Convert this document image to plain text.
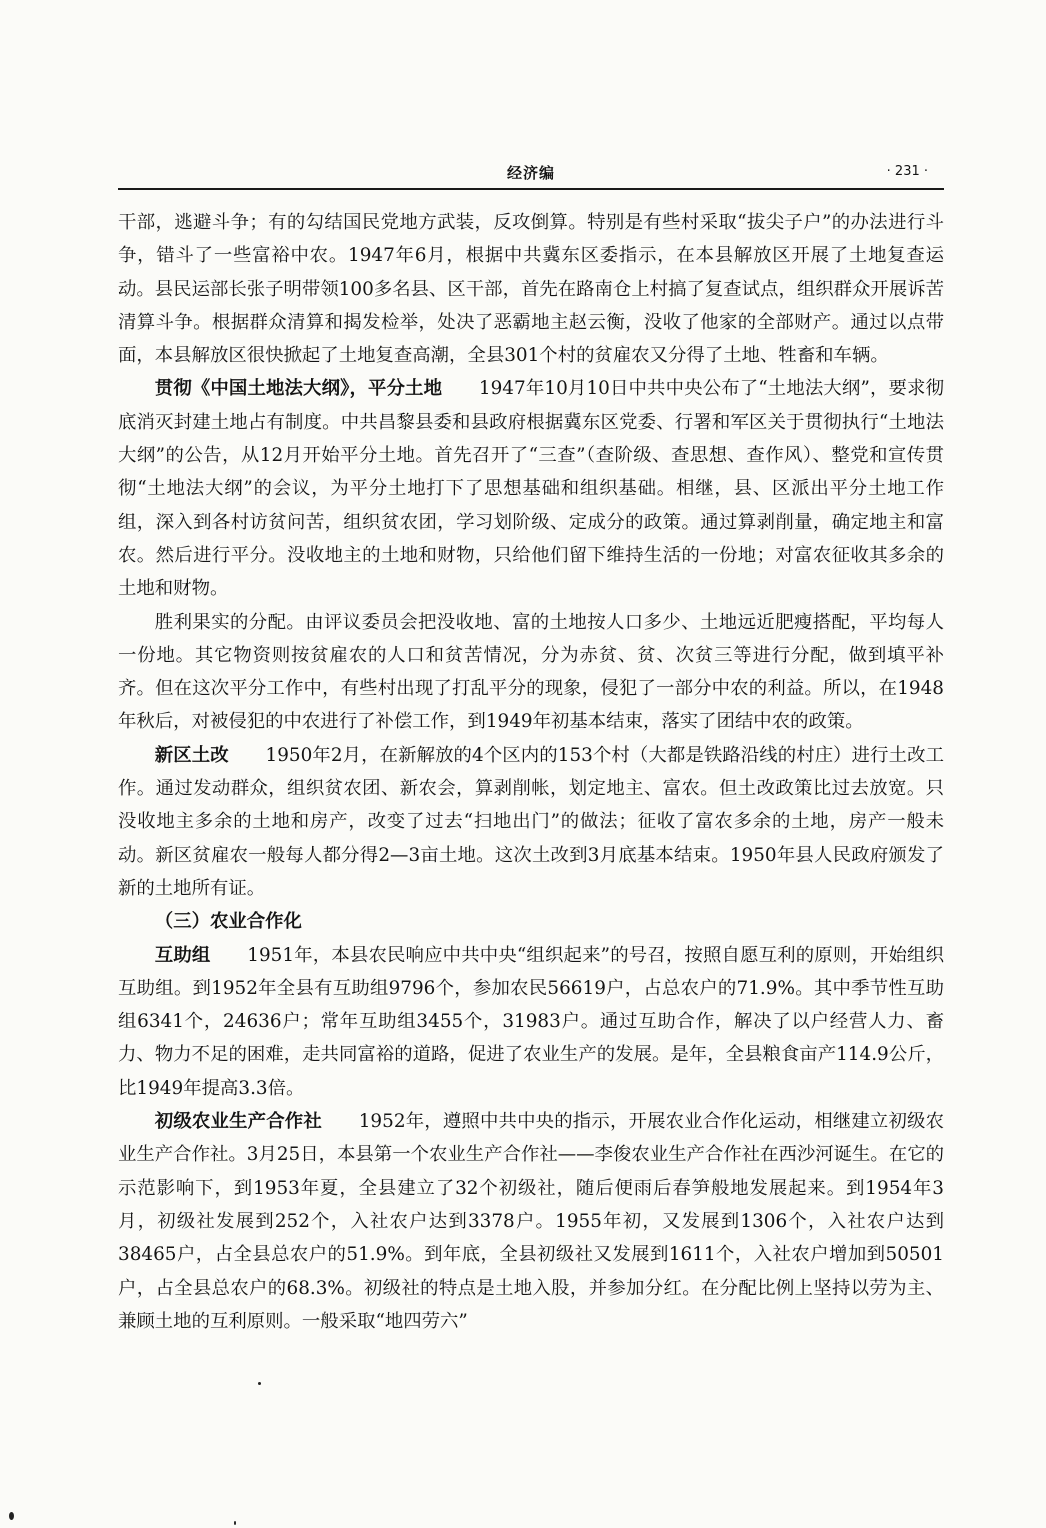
经济编	· 231 ·

干部，逃避斗争；有的勾结国民党地方武装，反攻倒算。特别是有些村采取“拔尖子户”的办法进行斗争，错斗了一些富裕中农。1947年6月，根据中共冀东区委指示，在本县解放区开展了土地复查运动。县民运部长张子明带领100多名县、区干部，首先在路南仓上村搞了复查试点，组织群众开展诉苦清算斗争。根据群众清算和揭发检举，处决了恶霸地主赵云衡，没收了他家的全部财产。通过以点带面，本县解放区很快掀起了土地复查高潮，全县301个村的贫雇农又分得了土地、牲畜和车辆。

贯彻《中国土地法大纲》，平分土地 1947年10月10日中共中央公布了“土地法大纲”，要求彻底消灭封建土地占有制度。中共昌黎县委和县政府根据冀东区党委、行署和军区关于贯彻执行“土地法大纲”的公告，从12月开始平分土地。首先召开了“三查”（查阶级、查思想、查作风）、整党和宣传贯彻“土地法大纲”的会议，为平分土地打下了思想基础和组织基础。相继，县、区派出平分土地工作组，深入到各村访贫问苦，组织贫农团，学习划阶级、定成分的政策。通过算剥削量，确定地主和富农。然后进行平分。没收地主的土地和财物，只给他们留下维持生活的一份地；对富农征收其多余的土地和财物。

胜利果实的分配。由评议委员会把没收地、富的土地按人口多少、土地远近肥瘦搭配，平均每人一份地。其它物资则按贫雇农的人口和贫苦情况，分为赤贫、贫、次贫三等进行分配，做到填平补齐。但在这次平分工作中，有些村出现了打乱平分的现象，侵犯了一部分中农的利益。所以，在1948年秋后，对被侵犯的中农进行了补偿工作，到1949年初基本结束，落实了团结中农的政策。

新区土改 1950年2月，在新解放的4个区内的153个村（大都是铁路沿线的村庄）进行土改工作。通过发动群众，组织贫农团、新农会，算剥削帐，划定地主、富农。但土改政策比过去放宽。只没收地主多余的土地和房产，改变了过去“扫地出门”的做法；征收了富农多余的土地，房产一般未动。新区贫雇农一般每人都分得2—3亩土地。这次土改到3月底基本结束。1950年县人民政府颁发了新的土地所有证。

（三）农业合作化

互助组 1951年，本县农民响应中共中央“组织起来”的号召，按照自愿互利的原则，开始组织互助组。到1952年全县有互助组9796个，参加农民56619户，占总农户的71.9%。其中季节性互助组6341个，24636户；常年互助组3455个，31983户。通过互助合作，解决了以户经营人力、畜力、物力不足的困难，走共同富裕的道路，促进了农业生产的发展。是年，全县粮食亩产114.9公斤，比1949年提高3.3倍。

初级农业生产合作社 1952年，遵照中共中央的指示，开展农业合作化运动，相继建立初级农业生产合作社。3月25日，本县第一个农业生产合作社——李俊农业生产合作社在西沙河诞生。在它的示范影响下，到1953年夏，全县建立了32个初级社，随后便雨后春笋般地发展起来。到1954年3月，初级社发展到252个，入社农户达到3378户。1955年初，又发展到1306个，入社农户达到38465户，占全县总农户的51.9%。到年底，全县初级社又发展到1611个，入社农户增加到50501户，占全县总农户的68.3%。初级社的特点是土地入股，并参加分红。在分配比例上坚持以劳为主、兼顾土地的互利原则。一般采取“地四劳六”
